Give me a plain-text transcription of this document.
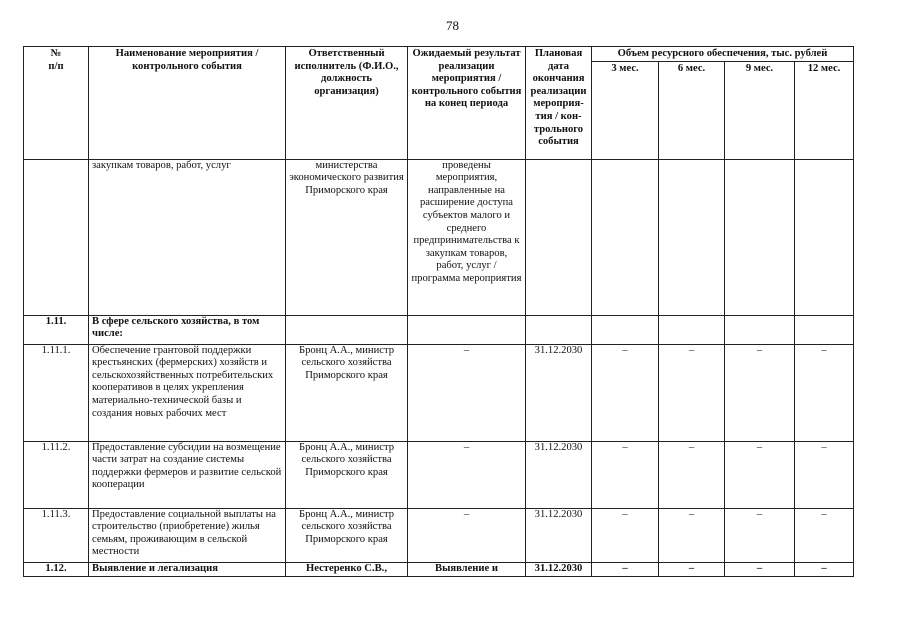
78
№
п/п	Наименование мероприятия / контрольного события	Ответственный исполнитель (Ф.И.О., должность организация)	Ожидаемый результат реализации мероприятия / контрольного события на конец периода	Плановая дата окончания реализации мероприя-тия / кон-трольного события	Объем ресурсного обеспечения, тыс. рублей			
					3 мес.	6 мес.	9 мес.	12 мес.
	закупкам товаров, работ, услуг	министерства экономического развития Приморского края	проведены мероприятия, направленные на расширение доступа субъектов малого и среднего предпринимательства к закупкам товаров, работ, услуг / программа мероприятия					
1.11.	В сфере сельского хозяйства, в том числе:							
1.11.1.	Обеспечение грантовой поддержки крестьянских (фермерских) хозяйств и сельскохозяйственных потребительских кооперативов в целях укрепления материально-технической базы и создания новых рабочих мест	Бронц А.А., министр сельского хозяйства Приморского края	–	31.12.2030	–	–	–	–
1.11.2.	Предоставление субсидии на возмещение части затрат на создание системы поддержки фермеров и развитие сельской кооперации	Бронц А.А., министр сельского хозяйства Приморского края	–	31.12.2030	–	–	–	–
1.11.3.	Предоставление социальной выплаты на строительство (приобретение) жилья семьям, проживающим в сельской местности	Бронц А.А., министр сельского хозяйства Приморского края	–	31.12.2030	–	–	–	–
1.12.	Выявление и легализация	Нестеренко С.В.,	Выявление и	31.12.2030	–	–	–	–
